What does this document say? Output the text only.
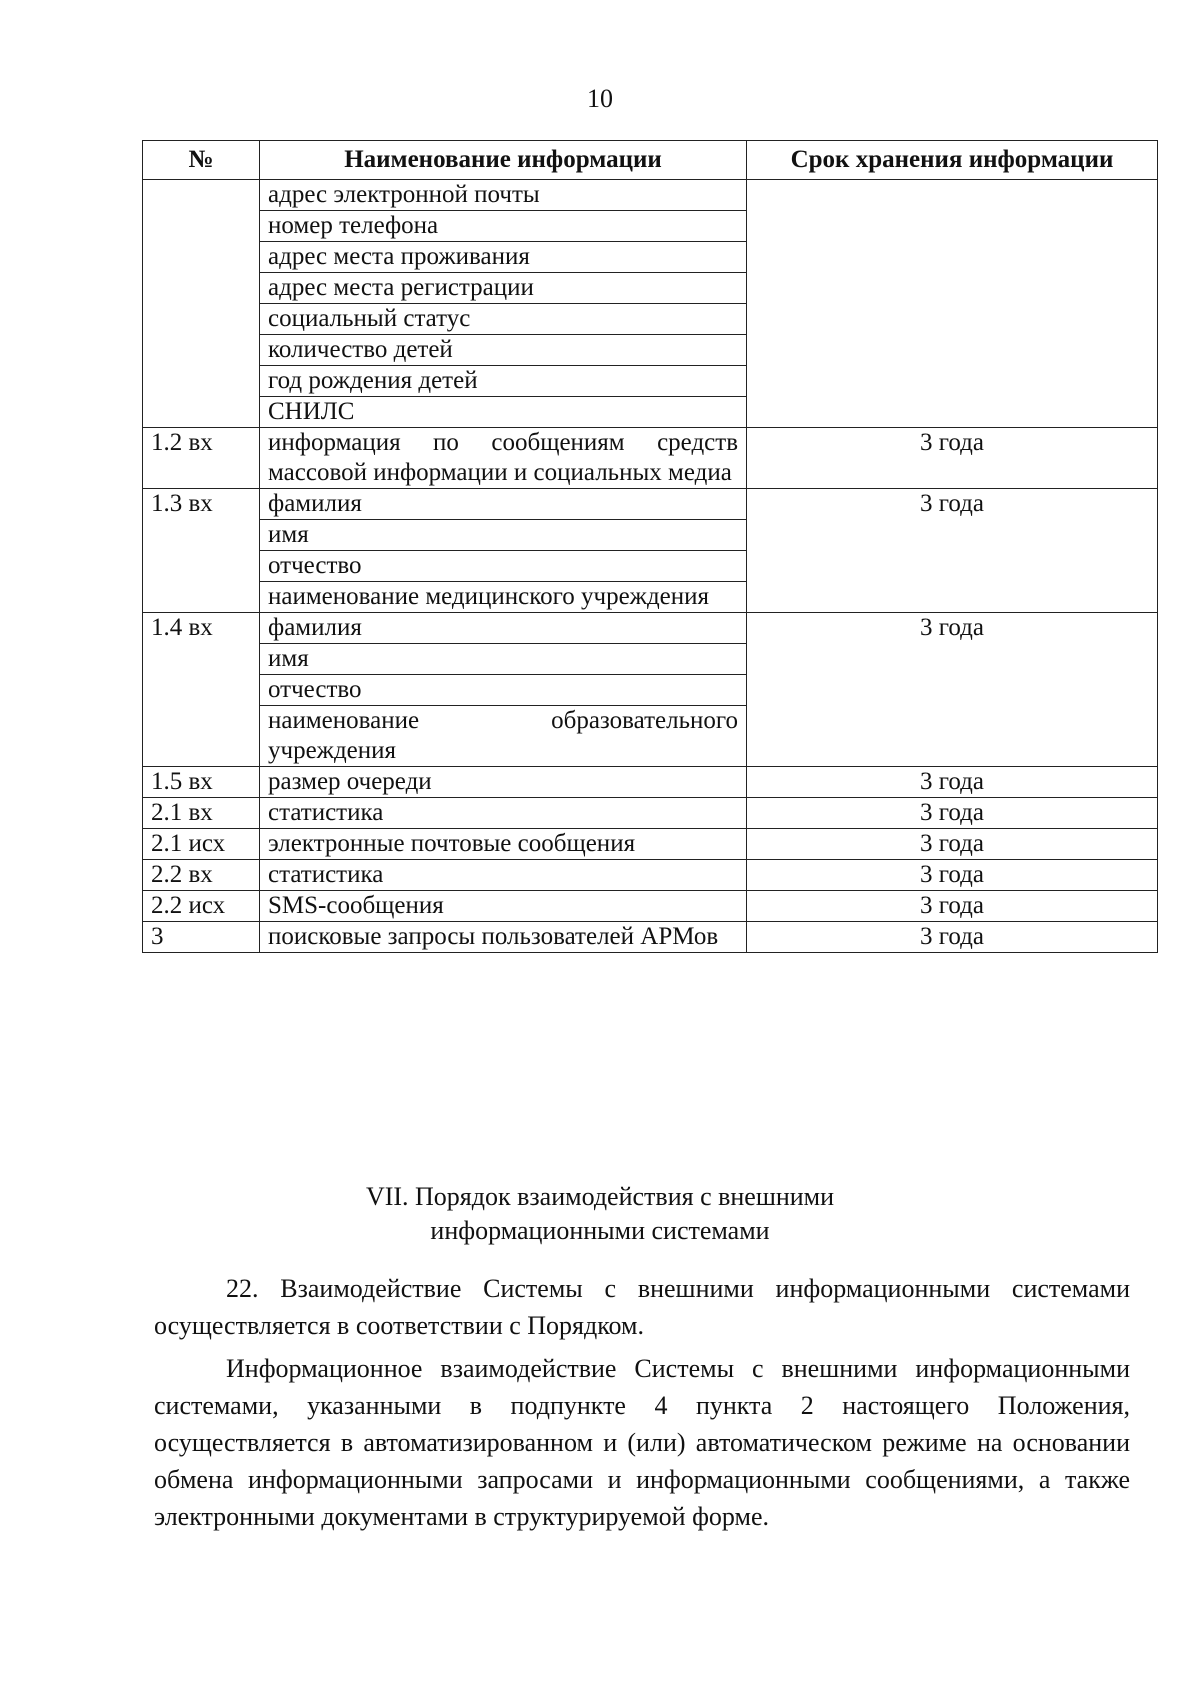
10
№	Наименование информации	Срок хранения информации
	адрес электронной почты	
	номер телефона	
	адрес места проживания	
	адрес места регистрации	
	социальный статус	
	количество детей	
	год рождения детей	
	СНИЛС	
1.2 вх	информация по сообщениям средств массовой информации и социальных медиа	3 года
1.3 вх	фамилия	3 года
	имя	
	отчество	
	наименование медицинского учреждения	
1.4 вх	фамилия	3 года
	имя	
	отчество	
	наименование образовательного учреждения	
1.5 вх	размер очереди	3 года
2.1 вх	статистика	3 года
2.1 исх	электронные почтовые сообщения	3 года
2.2 вх	статистика	3 года
2.2 исх	SMS-сообщения	3 года
3	поисковые запросы пользователей АРМов	3 года
VII. Порядок взаимодействия с внешними
информационными системами
22. Взаимодействие Системы с внешними информационными системами осуществляется в соответствии с Порядком.
Информационное взаимодействие Системы с внешними информационными системами, указанными в подпункте 4 пункта 2 настоящего Положения, осуществляется в автоматизированном и (или) автоматическом режиме на основании обмена информационными запросами и информационными сообщениями, а также электронными документами в структурируемой форме.
